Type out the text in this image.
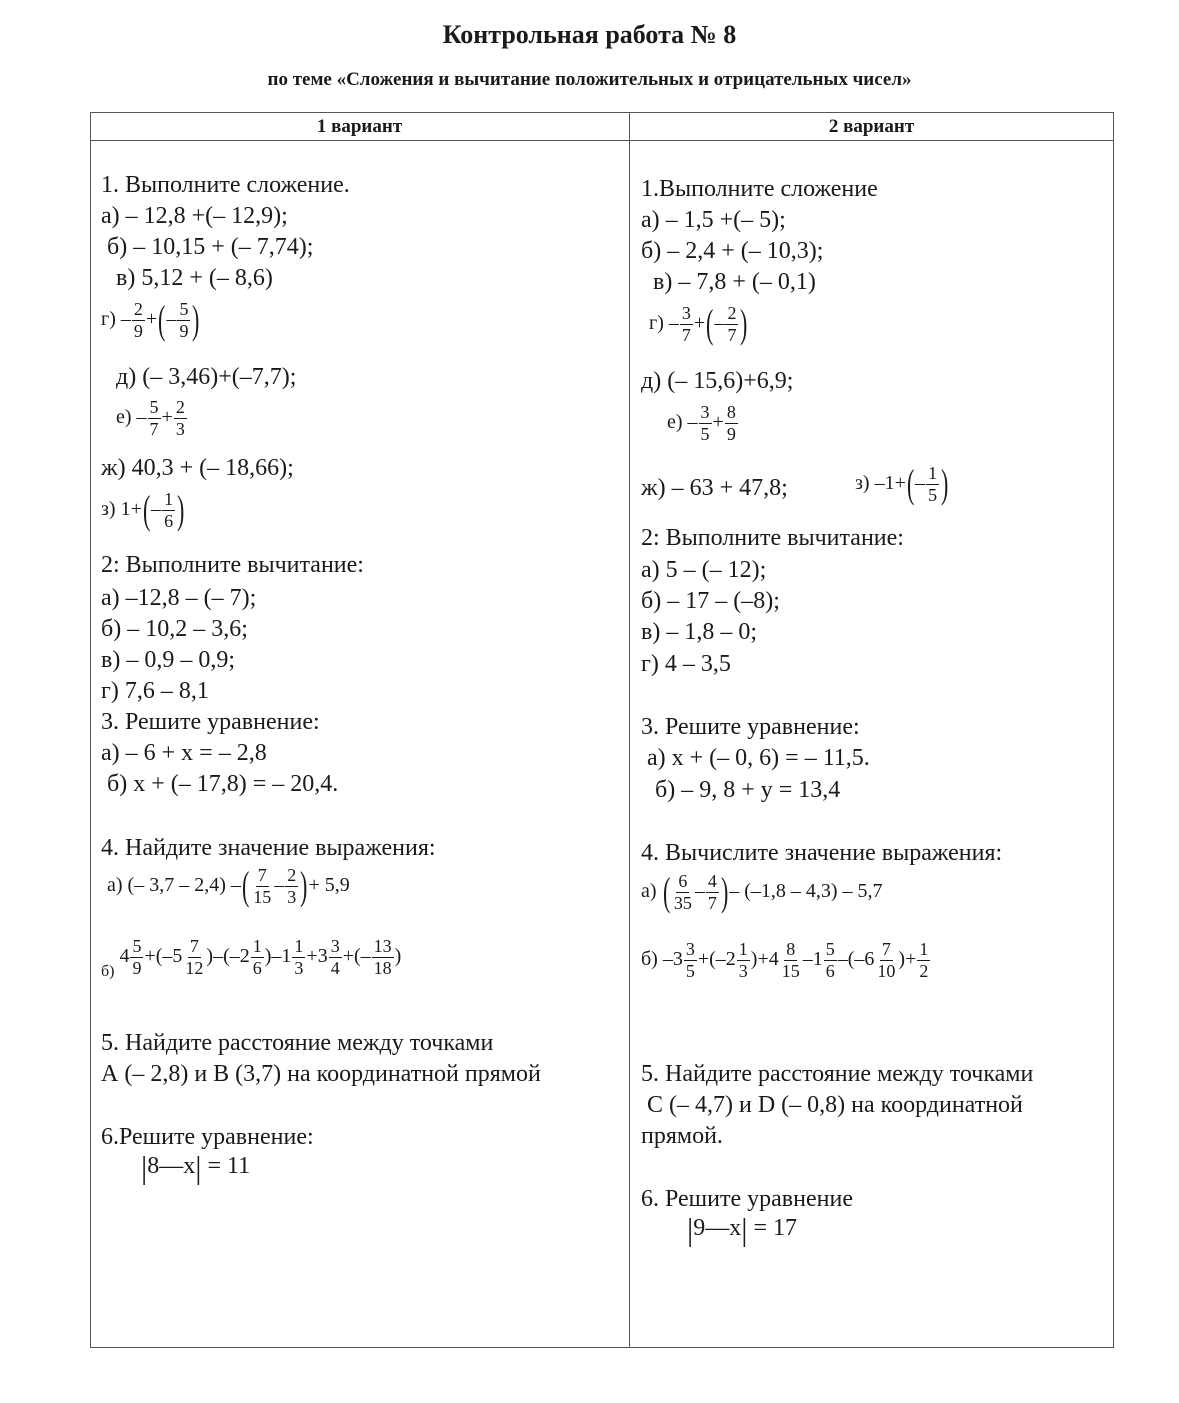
Контрольная работа № 8
по теме «Сложения и вычитание положительных и отрицательных чисел»
1 вариант	2 вариант
1. Выполните сложение.
а) – 12,8 +(– 12,9);
б) – 10,15 + (– 7,74);
в) 5,12 + (– 8,6)
$г) - \frac{2}{9}$ +(– $\frac{5}{9}$ )
д) (– 3,46)+(–7,7);
$е) - \frac{5}{7} + \frac{2}{3}$
ж) 40,3 + (– 18,66);
з) $1+(- \frac{1}{6}$ )
2: Выполните вычитание:
а) –12,8 – (– 7);
б) – 10,2 – 3,6;
в) – 0,9 – 0,9;
г) 7,6 – 8,1
3. Решите уравнение:
а) – 6 + х = – 2,8
б) х + (– 17,8) = – 20,4.
4. Найдите значение выражения:
а) (– 3,7 – 2,4) –( $\frac{7}{15} - \frac{2}{3}$ )+ 5,9
$_{б)}$ $4 \frac{5}{9} +(-5 \frac{7}{12} )-(-2 \frac{1}{6} )-1 \frac{1}{3} +3 \frac{3}{4}$ +(– $\frac{13}{18}$ )
5. Найдите расстояние между точками
А (– 2,8) и В (3,7) на координатной прямой
6.Решите уравнение:
|8—х| = 11
1.Выполните сложение
а) – 1,5 +(– 5);
б) – 2,4 + (– 10,3);
в) – 7,8 + (– 0,1)
$г) - \frac{3}{7}$ +(– $\frac{2}{7}$ )
д) (– 15,6)+6,9;
$е) - \frac{3}{5} + \frac{8}{9}$
ж) – 63 + 47,8;	з) $-1+(- \frac{1}{5}$ )
2: Выполните вычитание:
а) 5 – (– 12);
б) – 17 – (–8);
в) – 1,8 – 0;
г) 4 – 3,5
3. Решите уравнение:
а) х + (– 0, 6) = – 11,5.
б) – 9, 8 + у = 13,4
4. Вычислите значение выражения:
а) ( $\frac{6}{35} - \frac{4}{7}$ )– (–1,8 – 4,3) – 5,7
б) $-3 \frac{3}{5} +(-2 \frac{1}{3} )+4 \frac{8}{15} -1 \frac{5}{6} -(-6 \frac{7}{10}$ )+ $\frac{1}{2}$
5. Найдите расстояние между точками
С (– 4,7) и D (– 0,8) на координатной
прямой.
6. Решите уравнение
|9—х| = 17
